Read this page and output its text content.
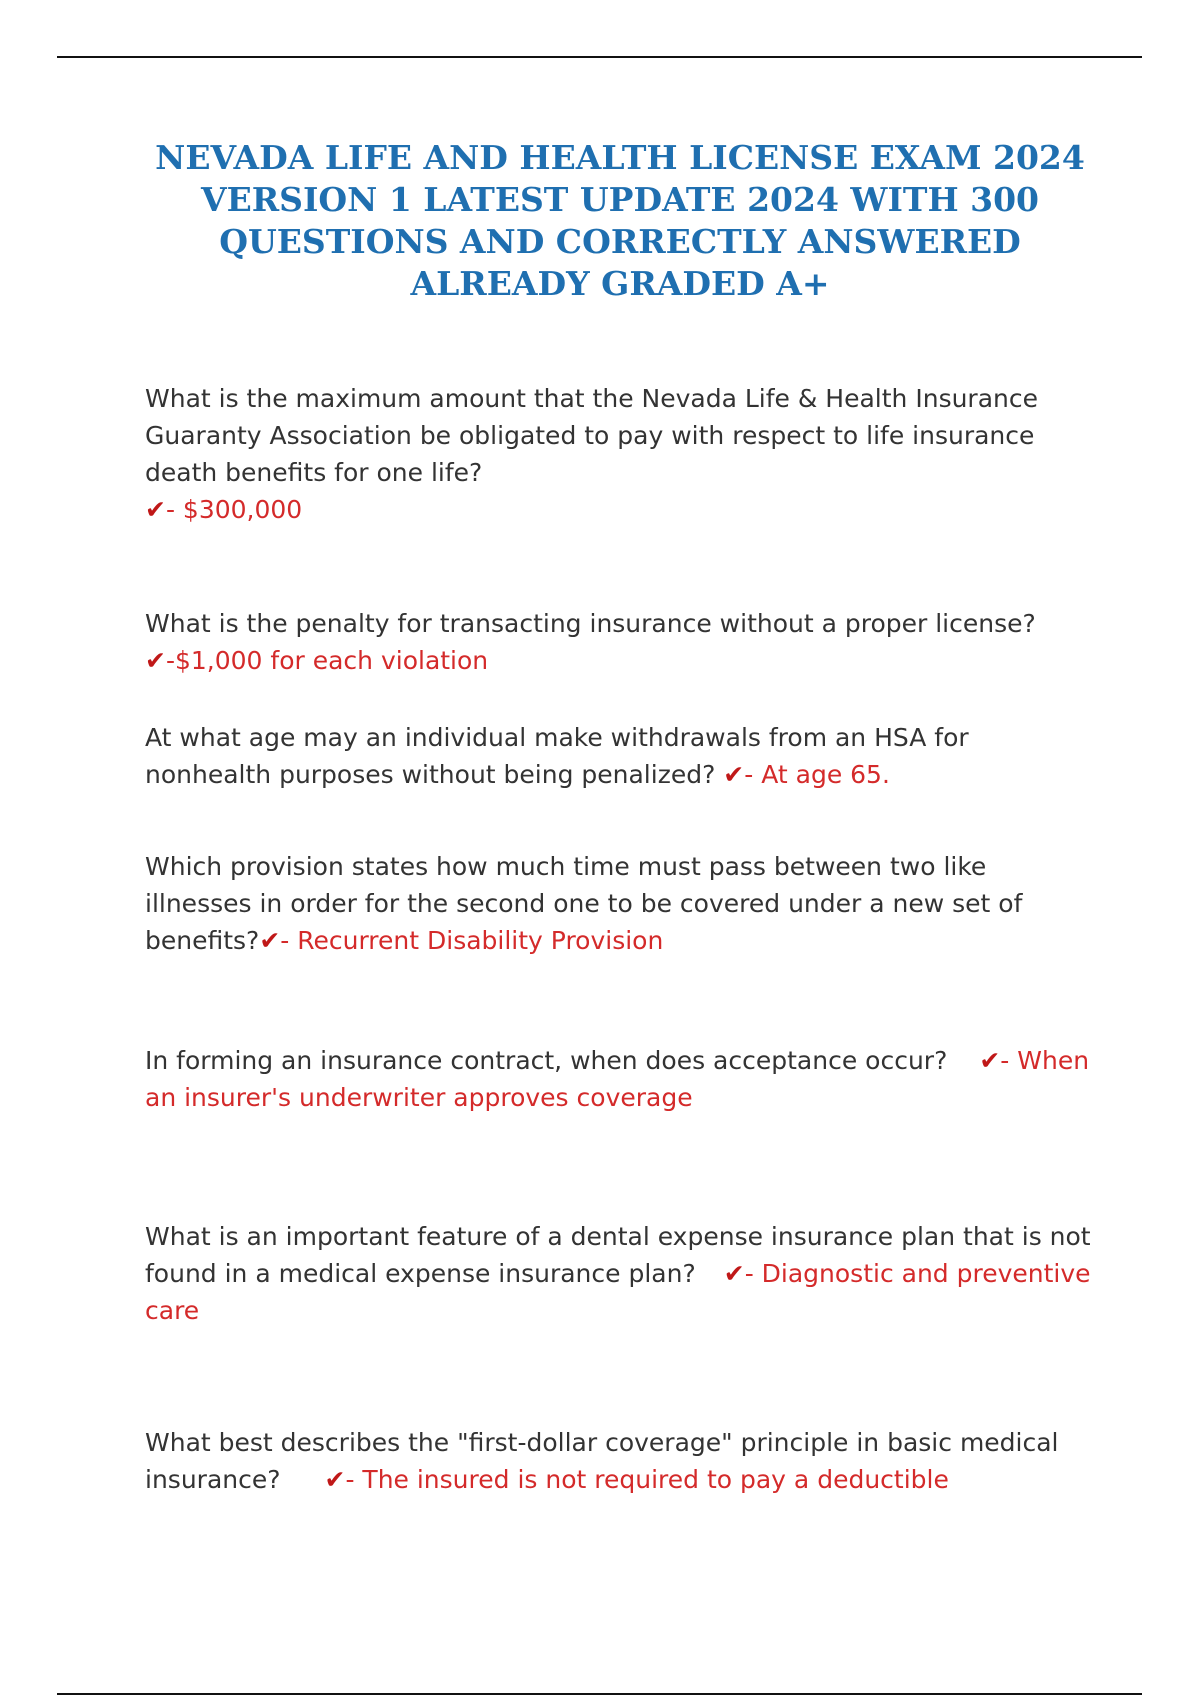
NEVADA LIFE AND HEALTH LICENSE EXAM 2024 VERSION 1 LATEST UPDATE 2024 WITH 300 QUESTIONS AND CORRECTLY ANSWERED ALREADY GRADED A+

What is the maximum amount that the Nevada Life & Health Insurance Guaranty Association be obligated to pay with respect to life insurance death benefits for one life?
✔- $300,000

What is the penalty for transacting insurance without a proper license?
✔-$1,000 for each violation

At what age may an individual make withdrawals from an HSA for nonhealth purposes without being penalized? ✔- At age 65.

Which provision states how much time must pass between two like illnesses in order for the second one to be covered under a new set of benefits?✔- Recurrent Disability Provision

In forming an insurance contract, when does acceptance occur? ✔- When an insurer's underwriter approves coverage

What is an important feature of a dental expense insurance plan that is not found in a medical expense insurance plan? ✔- Diagnostic and preventive care

What best describes the "first-dollar coverage" principle in basic medical insurance? ✔- The insured is not required to pay a deductible
